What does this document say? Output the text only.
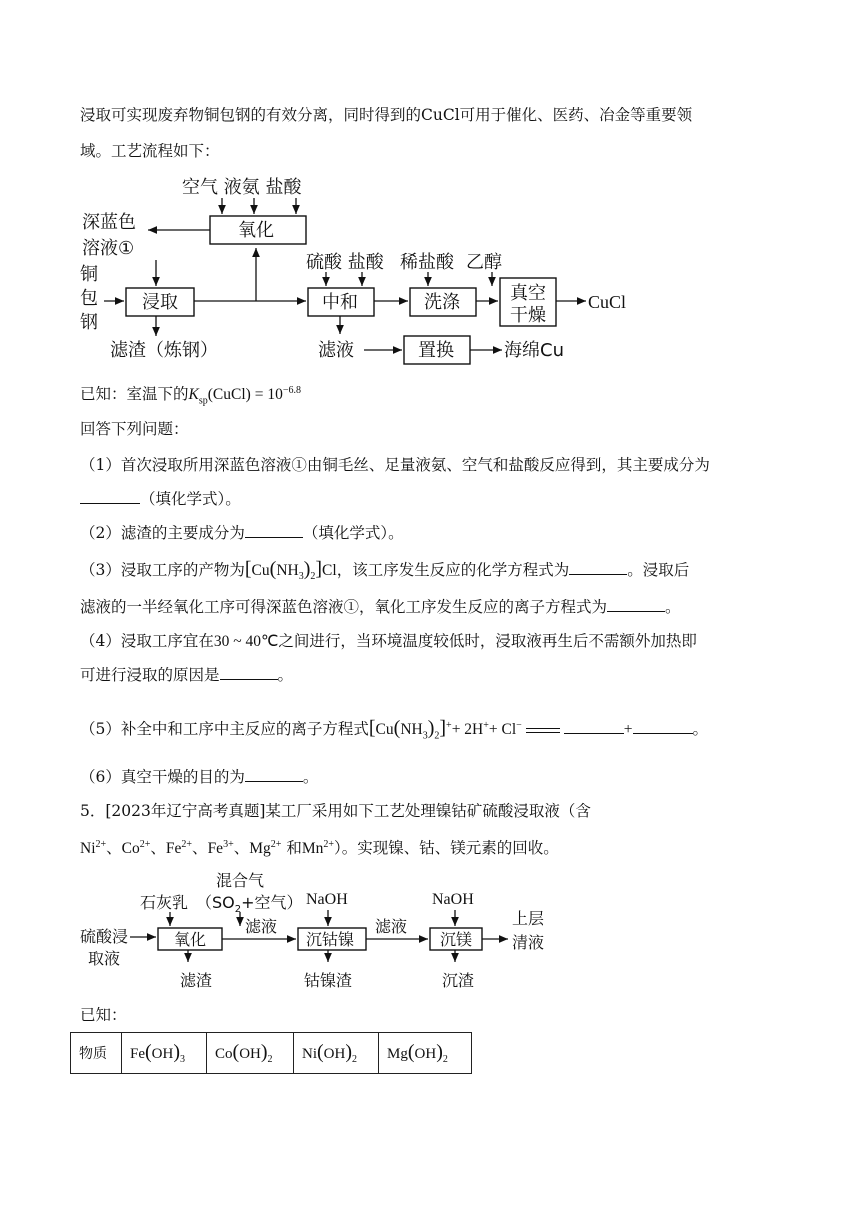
浸取可实现废弃物铜包钢的有效分离，同时得到的CuCl可用于催化、医药、冶金等重要领
域。工艺流程如下：
空气 液氨 盐酸
氧化
深蓝色
溶液①
铜
包
钢
浸取
滤渣（炼钢）
硫酸 盐酸
中和
稀盐酸 乙醇
洗涤	真空
干燥
CuCl
滤液	置换	海绵Cu
已知：室温下的$K_{sp}(CuCl) = 10^{-6.8}$
回答下列问题：
（1）首次浸取所用深蓝色溶液①由铜毛丝、足量液氨、空气和盐酸反应得到，其主要成分为
（填化学式）。
（2）滤渣的主要成分为	（填化学式）。
（3）浸取工序的产物为$[Cu(NH_3)_2]Cl$，该工序发生反应的化学方程式为	。浸取后
滤液的一半经氧化工序可得深蓝色溶液①，氧化工序发生反应的离子方程式为	。
（4）浸取工序宜在30 ~ 40℃之间进行，当环境温度较低时，浸取液再生后不需额外加热即
可进行浸取的原因是	。
（5）补全中和工序中主反应的离子方程式$[Cu(NH_3)_2]^++ 2H^++ Cl^-$	+	。
（6）真空干燥的目的为	。
5．[2023年辽宁高考真题]某工厂采用如下工艺处理镍钴矿硫酸浸取液（含
$Ni^{2+}$、$Co^{2+}$、$Fe^{2+}$、$Fe^{3+}$、$Mg^{2+}$ 和$Mn^{2+}$）。实现镍、钴、镁元素的回收。
混合气
石灰乳 （$SO_2+$空气）
硫酸浸
取液
氧化
滤渣
滤液
NaOH
沉钴镍
钴镍渣
滤液
NaOH
沉镁
沉渣
上层
清液
已知：
物质	$Fe(OH)_3$	$Co(OH)_2$	$Ni(OH)_2$	$Mg(OH)_2$
